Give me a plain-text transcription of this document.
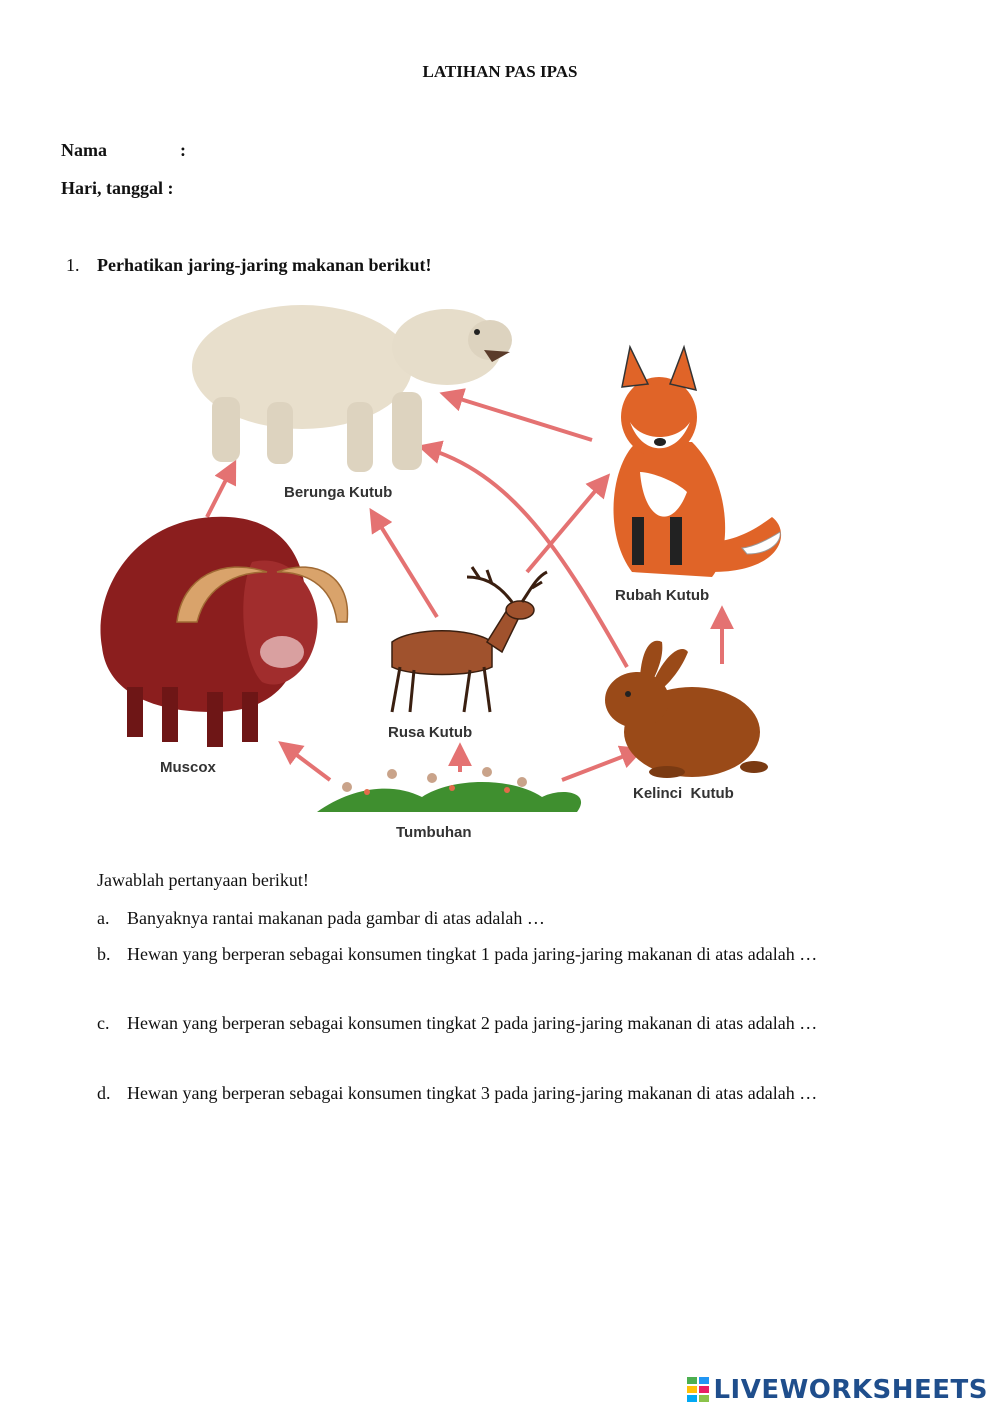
LATIHAN PAS IPAS
Nama	:
Hari, tanggal :
1. Perhatikan jaring-jaring makanan berikut!
Berunga Kutub
Rubah Kutub
Muscox
Rusa Kutub
Kelinci  Kutub
Tumbuhan
Jawablah pertanyaan berikut!
a. Banyaknya rantai makanan pada gambar di atas adalah …
b. Hewan yang berperan sebagai konsumen tingkat 1 pada jaring-jaring makanan di atas adalah …
c. Hewan yang berperan sebagai konsumen tingkat 2 pada jaring-jaring makanan di atas adalah …
d. Hewan yang berperan sebagai konsumen tingkat 3 pada jaring-jaring makanan di atas adalah …
LIVEWORKSHEETS
